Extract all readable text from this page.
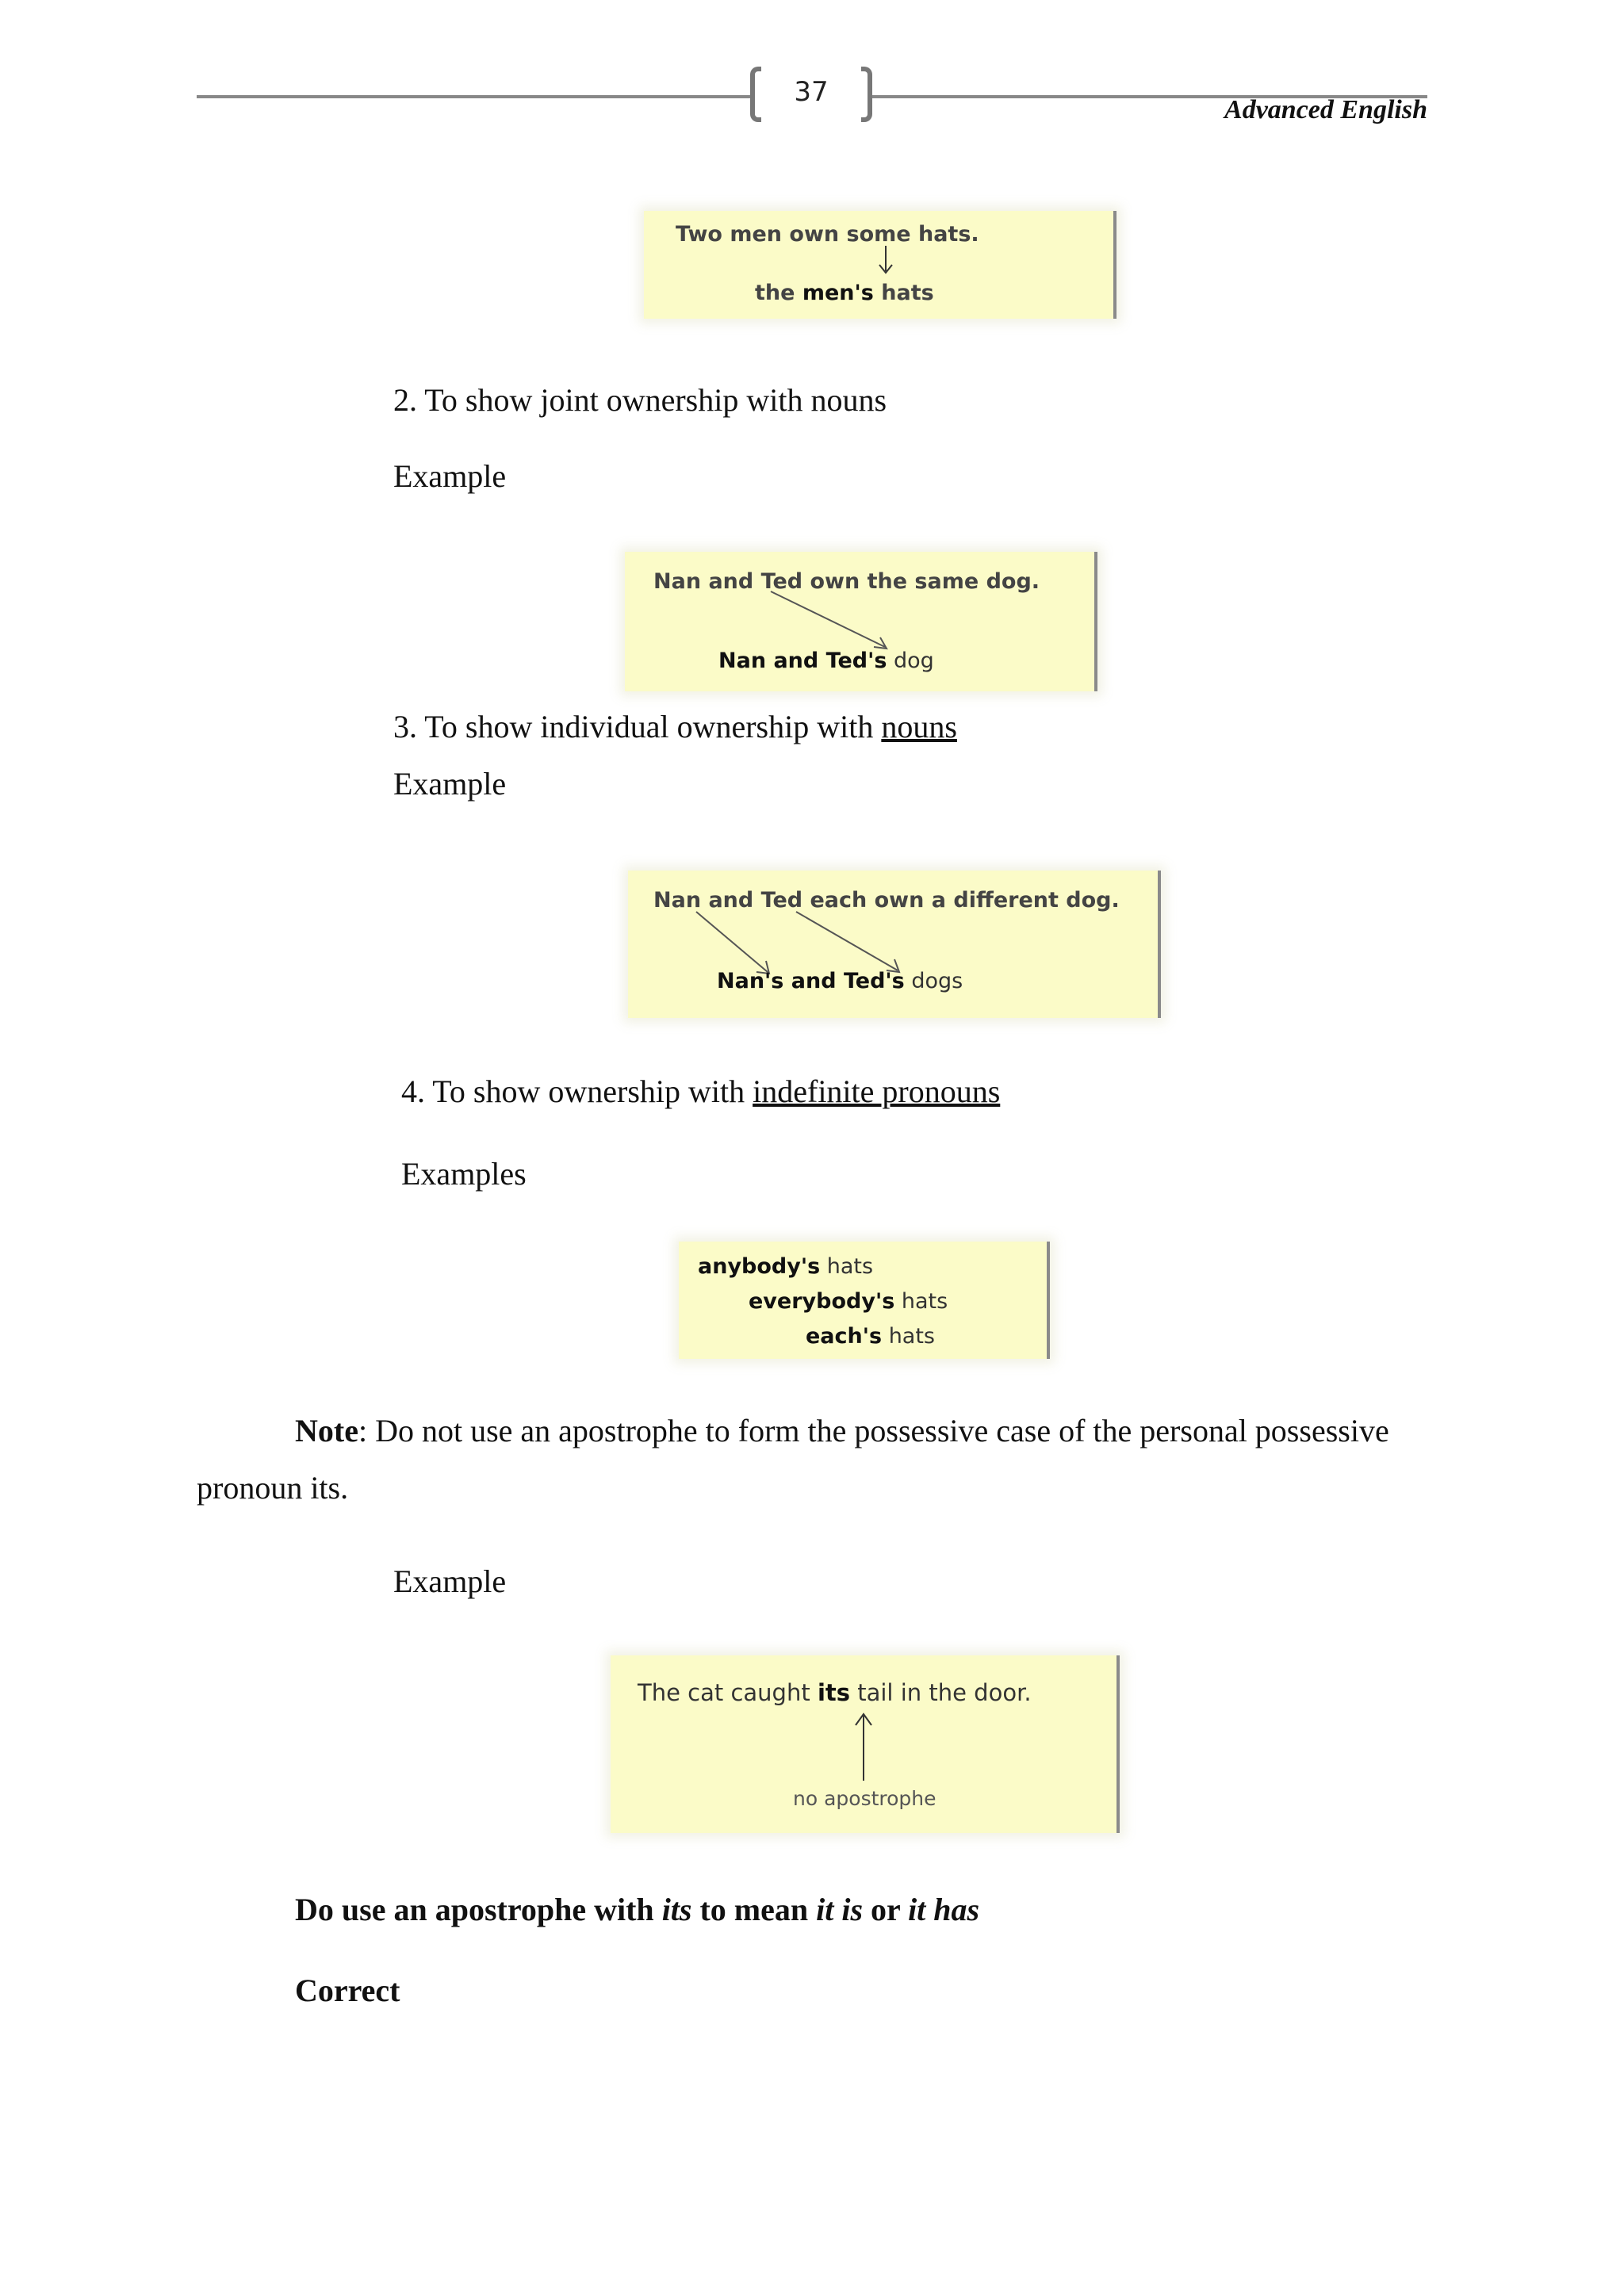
37
Advanced English
Two men own some hats.
the men's hats
2. To show joint ownership with nouns
Example
Nan and Ted own the same dog.
Nan and Ted's dog
3. To show individual ownership with nouns
Example
Nan and Ted each own a different dog.
Nan's and Ted's dogs
4. To show ownership with indefinite pronouns
Examples
anybody's hats
everybody's hats
each's hats
Note: Do not use an apostrophe to form the possessive case of the personal possessive
pronoun its.
Example
The cat caught its tail in the door.
no apostrophe
Do use an apostrophe with its to mean it is or it has
Correct
